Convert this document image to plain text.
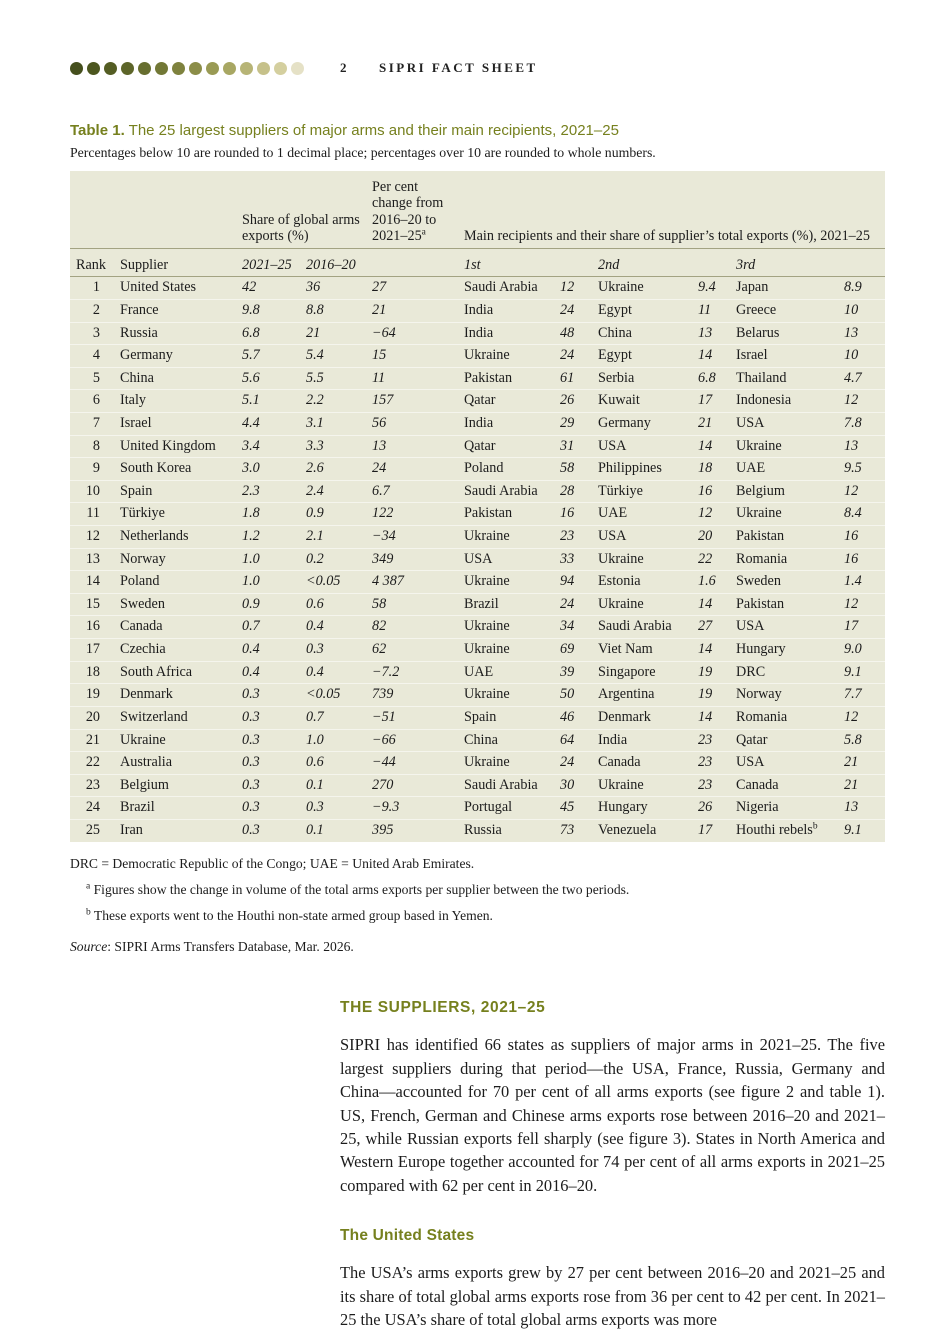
2 SIPRI FACT SHEET

Table 1. The 25 largest suppliers of major arms and their main recipients, 2021–25

Percentages below 10 are rounded to 1 decimal place; percentages over 10 are rounded to whole numbers.

		Share of global arms exports (%)		Per cent change from 2016–20 to 2021–25$^a$	Main recipients and their share of supplier’s total exports (%), 2021–25					
Rank	Supplier	2021–25	2016–20		1st		2nd		3rd	
1	United States	42	36	27	Saudi Arabia	12	Ukraine	9.4	Japan	8.9
2	France	9.8	8.8	21	India	24	Egypt	11	Greece	10
3	Russia	6.8	21	−64	India	48	China	13	Belarus	13
4	Germany	5.7	5.4	15	Ukraine	24	Egypt	14	Israel	10
5	China	5.6	5.5	11	Pakistan	61	Serbia	6.8	Thailand	4.7
6	Italy	5.1	2.2	157	Qatar	26	Kuwait	17	Indonesia	12
7	Israel	4.4	3.1	56	India	29	Germany	21	USA	7.8
8	United Kingdom	3.4	3.3	13	Qatar	31	USA	14	Ukraine	13
9	South Korea	3.0	2.6	24	Poland	58	Philippines	18	UAE	9.5
10	Spain	2.3	2.4	6.7	Saudi Arabia	28	Türkiye	16	Belgium	12
11	Türkiye	1.8	0.9	122	Pakistan	16	UAE	12	Ukraine	8.4
12	Netherlands	1.2	2.1	−34	Ukraine	23	USA	20	Pakistan	16
13	Norway	1.0	0.2	349	USA	33	Ukraine	22	Romania	16
14	Poland	1.0	<0.05	4 387	Ukraine	94	Estonia	1.6	Sweden	1.4
15	Sweden	0.9	0.6	58	Brazil	24	Ukraine	14	Pakistan	12
16	Canada	0.7	0.4	82	Ukraine	34	Saudi Arabia	27	USA	17
17	Czechia	0.4	0.3	62	Ukraine	69	Viet Nam	14	Hungary	9.0
18	South Africa	0.4	0.4	−7.2	UAE	39	Singapore	19	DRC	9.1
19	Denmark	0.3	<0.05	739	Ukraine	50	Argentina	19	Norway	7.7
20	Switzerland	0.3	0.7	−51	Spain	46	Denmark	14	Romania	12
21	Ukraine	0.3	1.0	−66	China	64	India	23	Qatar	5.8
22	Australia	0.3	0.6	−44	Ukraine	24	Canada	23	USA	21
23	Belgium	0.3	0.1	270	Saudi Arabia	30	Ukraine	23	Canada	21
24	Brazil	0.3	0.3	−9.3	Portugal	45	Hungary	26	Nigeria	13
25	Iran	0.3	0.1	395	Russia	73	Venezuela	17	Houthi rebels$^b$	9.1

DRC = Democratic Republic of the Congo; UAE = United Arab Emirates.

$^a$ Figures show the change in volume of the total arms exports per supplier between the two periods.

$^b$ These exports went to the Houthi non-state armed group based in Yemen.

Source: SIPRI Arms Transfers Database, Mar. 2026.

THE SUPPLIERS, 2021–25

SIPRI has identified 66 states as suppliers of major arms in 2021–25. The five largest suppliers during that period—the USA, France, Russia, Germany and China—accounted for 70 per cent of all arms exports (see figure 2 and table 1). US, French, German and Chinese arms exports rose between 2016–20 and 2021–25, while Russian exports fell sharply (see figure 3). States in North America and Western Europe together accounted for 74 per cent of all arms exports in 2021–25 compared with 62 per cent in 2016–20.

The United States

The USA’s arms exports grew by 27 per cent between 2016–20 and 2021–25 and its share of total global arms exports rose from 36 per cent to 42 per cent. In 2021–25 the USA’s share of total global arms exports was more
